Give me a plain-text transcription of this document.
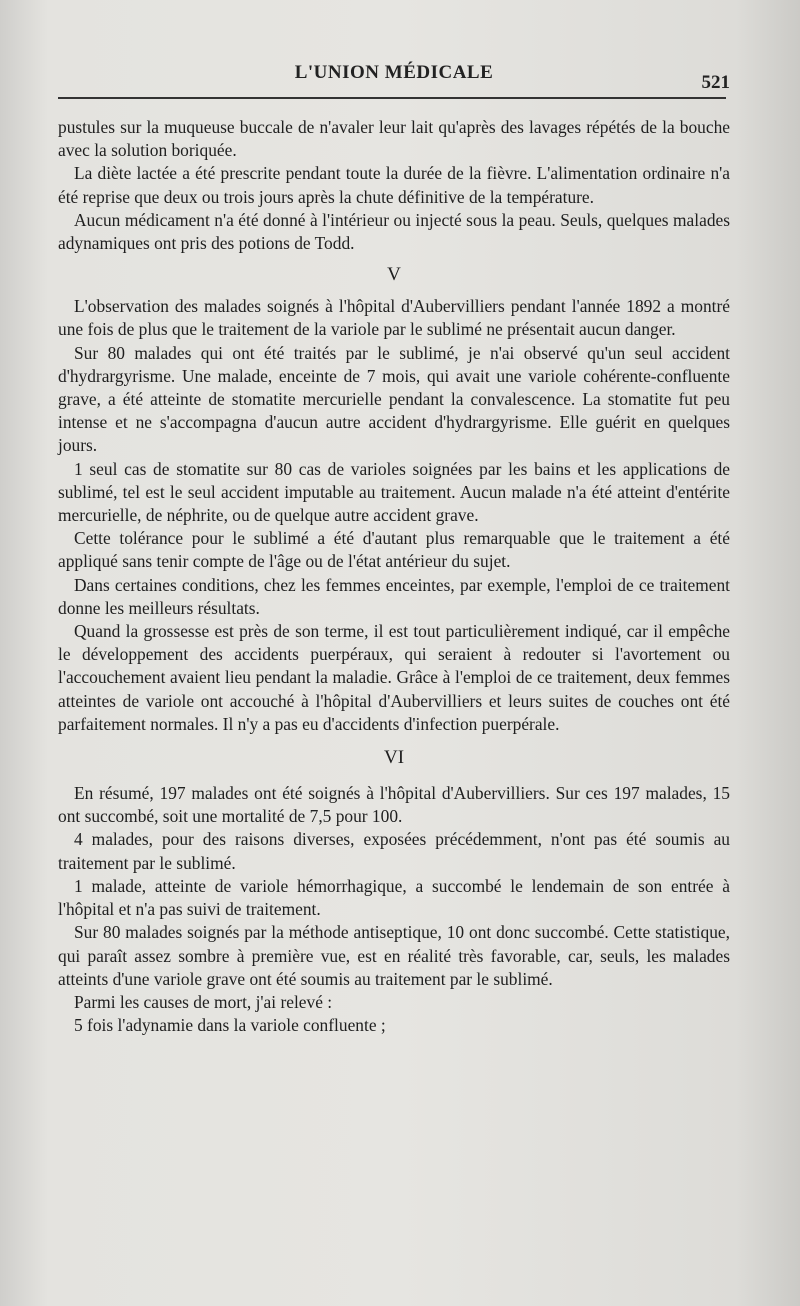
L'UNION MÉDICALE	521

pustules sur la muqueuse buccale de n'avaler leur lait qu'après des lavages répétés de la bouche avec la solution boriquée.

La diète lactée a été prescrite pendant toute la durée de la fièvre. L'alimentation ordinaire n'a été reprise que deux ou trois jours après la chute définitive de la température.

Aucun médicament n'a été donné à l'intérieur ou injecté sous la peau. Seuls, quelques malades adynamiques ont pris des potions de Todd.

V

L'observation des malades soignés à l'hôpital d'Aubervilliers pendant l'année 1892 a montré une fois de plus que le traitement de la variole par le sublimé ne présentait aucun danger.

Sur 80 malades qui ont été traités par le sublimé, je n'ai observé qu'un seul accident d'hydrargyrisme. Une malade, enceinte de 7 mois, qui avait une variole cohérente-confluente grave, a été atteinte de stomatite mercurielle pendant la convalescence. La stomatite fut peu intense et ne s'accompagna d'aucun autre accident d'hydrargyrisme. Elle guérit en quelques jours.

1 seul cas de stomatite sur 80 cas de varioles soignées par les bains et les applications de sublimé, tel est le seul accident imputable au traitement. Aucun malade n'a été atteint d'entérite mercurielle, de néphrite, ou de quelque autre accident grave.

Cette tolérance pour le sublimé a été d'autant plus remarquable que le traitement a été appliqué sans tenir compte de l'âge ou de l'état antérieur du sujet.

Dans certaines conditions, chez les femmes enceintes, par exemple, l'emploi de ce traitement donne les meilleurs résultats.

Quand la grossesse est près de son terme, il est tout particulièrement indiqué, car il empêche le développement des accidents puerpéraux, qui seraient à redouter si l'avortement ou l'accouchement avaient lieu pendant la maladie. Grâce à l'emploi de ce traitement, deux femmes atteintes de variole ont accouché à l'hôpital d'Aubervilliers et leurs suites de couches ont été parfaitement normales. Il n'y a pas eu d'accidents d'infection puerpérale.

VI

En résumé, 197 malades ont été soignés à l'hôpital d'Aubervilliers. Sur ces 197 malades, 15 ont succombé, soit une mortalité de 7,5 pour 100.

4 malades, pour des raisons diverses, exposées précédemment, n'ont pas été soumis au traitement par le sublimé.

1 malade, atteinte de variole hémorrhagique, a succombé le lendemain de son entrée à l'hôpital et n'a pas suivi de traitement.

Sur 80 malades soignés par la méthode antiseptique, 10 ont donc succombé. Cette statistique, qui paraît assez sombre à première vue, est en réalité très favorable, car, seuls, les malades atteints d'une variole grave ont été soumis au traitement par le sublimé.

Parmi les causes de mort, j'ai relevé :

5 fois l'adynamie dans la variole confluente ;
